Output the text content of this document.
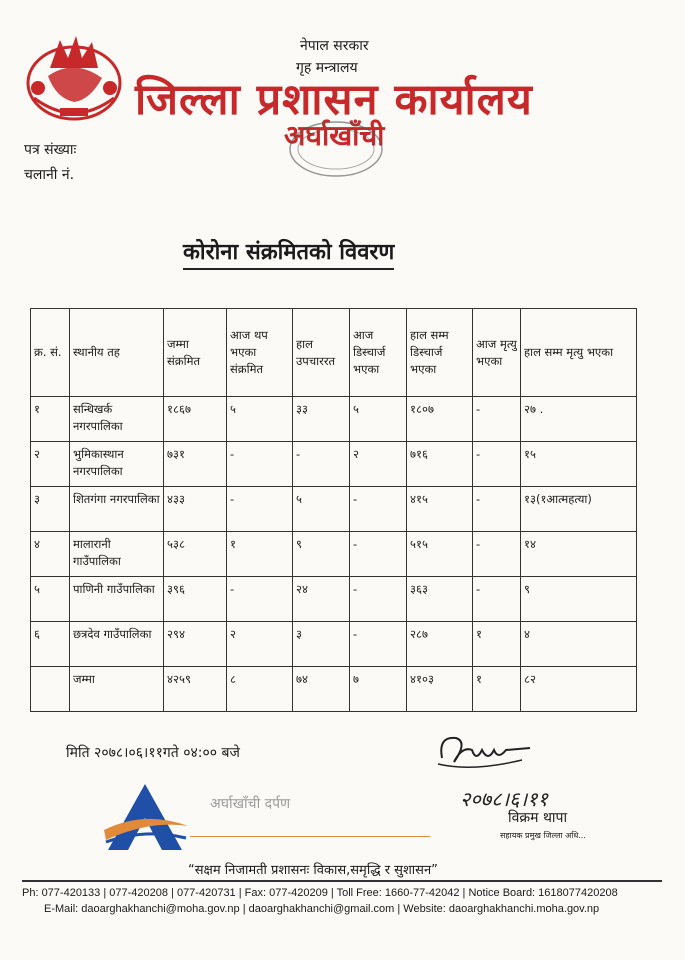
नेपाल सरकार
गृह मन्त्रालय
जिल्ला प्रशासन कार्यालय
अर्घाखाँची
पत्र संख्याः
चलानी नं.
कोरोना संक्रमितको विवरण
क्र. सं.	स्थानीय तह	जम्मा संक्रमित	आज थप भएका संक्रमित	हाल उपचाररत	आज डिस्चार्ज भएका	हाल सम्म डिस्चार्ज भएका	आज मृत्यु भएका	हाल सम्म मृत्यु भएका
१	सन्धिखर्क नगरपालिका	१८६७	५	३३	५	१८०७	-	२७ .
२	भुमिकास्थान नगरपालिका	७३१	-	-	२	७१६	-	१५
३	शितगंगा नगरपालिका	४३३	-	५	-	४१५	-	१३(१आत्महत्या)
४	मालारानी गाउँपालिका	५३८	१	९	-	५१५	-	१४
५	पाणिनी गाउँपालिका	३९६	-	२४	-	३६३	-	९
६	छत्रदेव गाउँपालिका	२९४	२	३	-	२८७	१	४
	जम्मा	४२५९	८	७४	७	४१०३	१	८२
मिति २०७८।०६।११गते ०४:०० बजे
२०७८।६।११
विक्रम थापा
सहायक प्रमुख जिल्ला अधि...
अर्घाखाँची दर्पण
“सक्षम निजामती प्रशासनः विकास,समृद्धि र सुशासन”
Ph: 077-420133 | 077-420208 | 077-420731 | Fax: 077-420209 | Toll Free: 1660-77-42042 | Notice Board: 1618077420208
E-Mail: daoarghakhanchi@moha.gov.np | daoarghakhanchi@gmail.com | Website: daoarghakhanchi.moha.gov.np
